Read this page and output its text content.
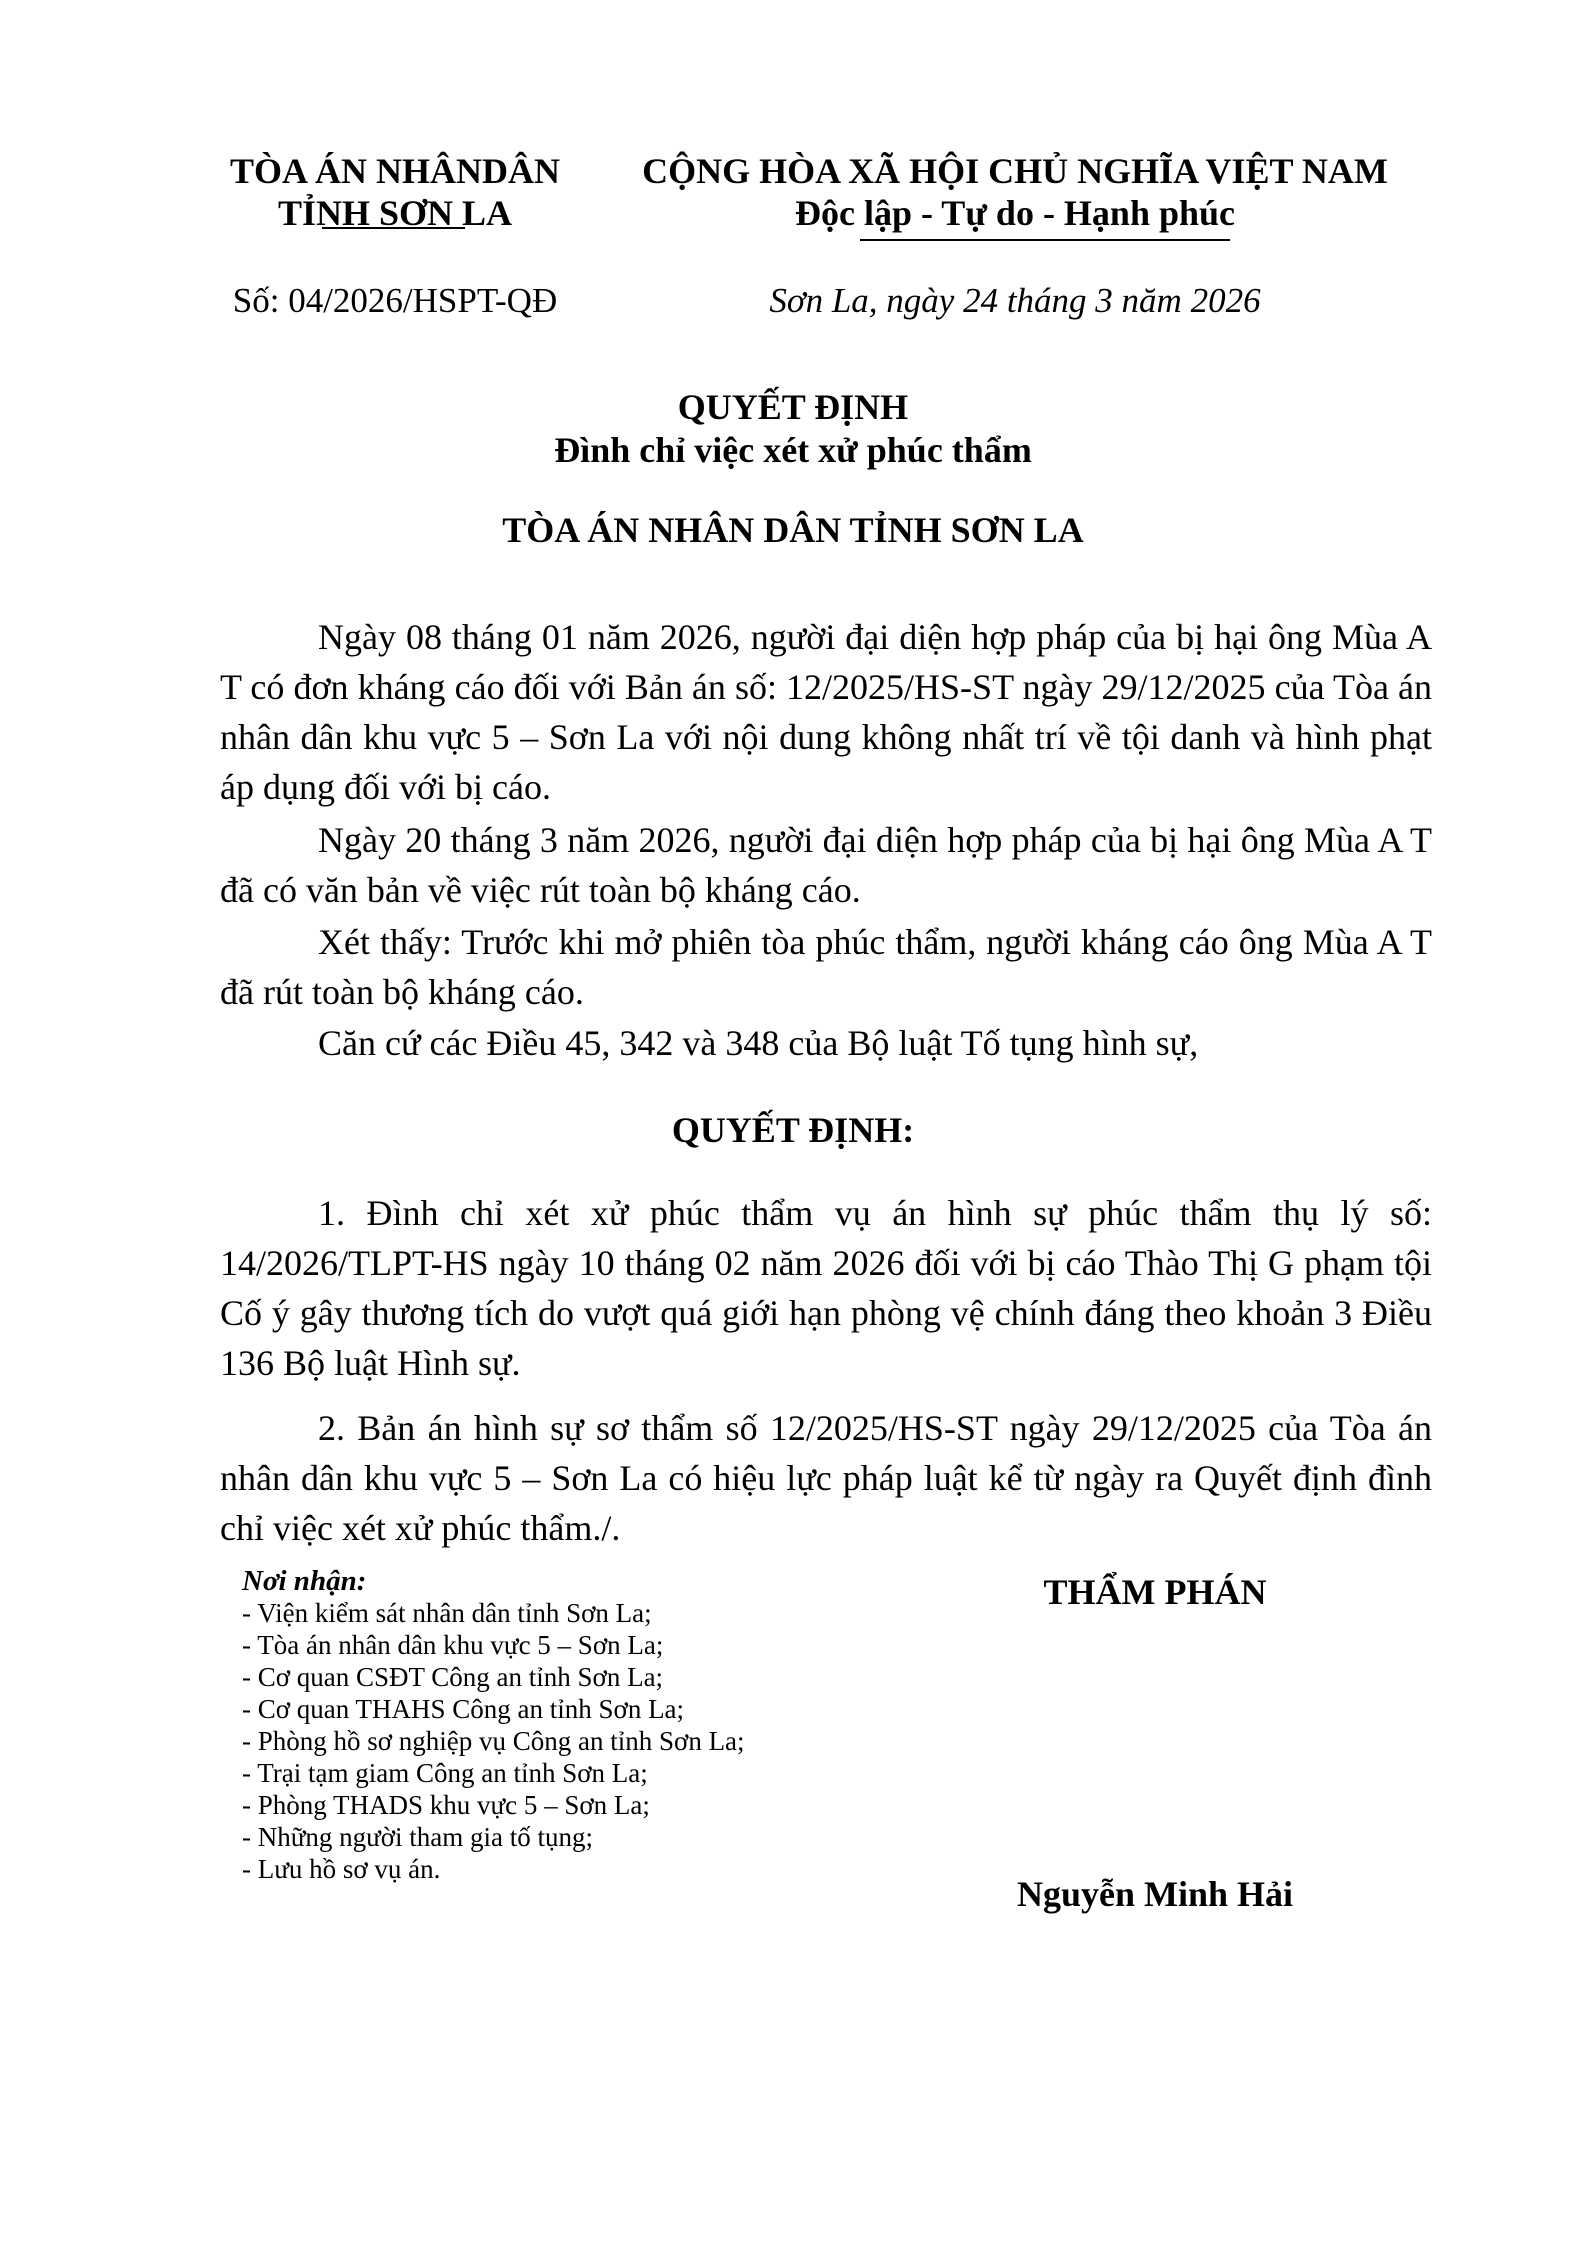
TÒA ÁN NHÂNDÂN
TỈNH SƠN LA
CỘNG HÒA XÃ HỘI CHỦ NGHĨA VIỆT NAM
Độc lập - Tự do - Hạnh phúc
Số: 04/2026/HSPT-QĐ	Sơn La, ngày 24 tháng 3 năm 2026
QUYẾT ĐỊNH
Đình chỉ việc xét xử phúc thẩm
TÒA ÁN NHÂN DÂN TỈNH SƠN LA
Ngày 08 tháng 01 năm 2026, người đại diện hợp pháp của bị hại ông Mùa A T có đơn kháng cáo đối với Bản án số: 12/2025/HS-ST ngày 29/12/2025 của Tòa án nhân dân khu vực 5 – Sơn La với nội dung không nhất trí về tội danh và hình phạt áp dụng đối với bị cáo.
Ngày 20 tháng 3 năm 2026, người đại diện hợp pháp của bị hại ông Mùa A T đã có văn bản về việc rút toàn bộ kháng cáo.
Xét thấy: Trước khi mở phiên tòa phúc thẩm, người kháng cáo ông Mùa A T đã rút toàn bộ kháng cáo.
Căn cứ các Điều 45, 342 và 348 của Bộ luật Tố tụng hình sự,
QUYẾT ĐỊNH:
1. Đình chỉ xét xử phúc thẩm vụ án hình sự phúc thẩm thụ lý số: 14/2026/TLPT-HS ngày 10 tháng 02 năm 2026 đối với bị cáo Thào Thị G phạm tội Cố ý gây thương tích do vượt quá giới hạn phòng vệ chính đáng theo khoản 3 Điều 136 Bộ luật Hình sự.
2. Bản án hình sự sơ thẩm số 12/2025/HS-ST ngày 29/12/2025 của Tòa án nhân dân khu vực 5 – Sơn La có hiệu lực pháp luật kể từ ngày ra Quyết định đình chỉ việc xét xử phúc thẩm./.
Nơi nhận:
- Viện kiểm sát nhân dân tỉnh Sơn La;
- Tòa án nhân dân khu vực 5 – Sơn La;
- Cơ quan CSĐT Công an tỉnh Sơn La;
- Cơ quan THAHS Công an tỉnh Sơn La;
- Phòng hồ sơ nghiệp vụ Công an tỉnh Sơn La;
- Trại tạm giam Công an tỉnh Sơn La;
- Phòng THADS khu vực 5 – Sơn La;
- Những người tham gia tố tụng;
- Lưu hồ sơ vụ án.
THẨM PHÁN
Nguyễn Minh Hải
